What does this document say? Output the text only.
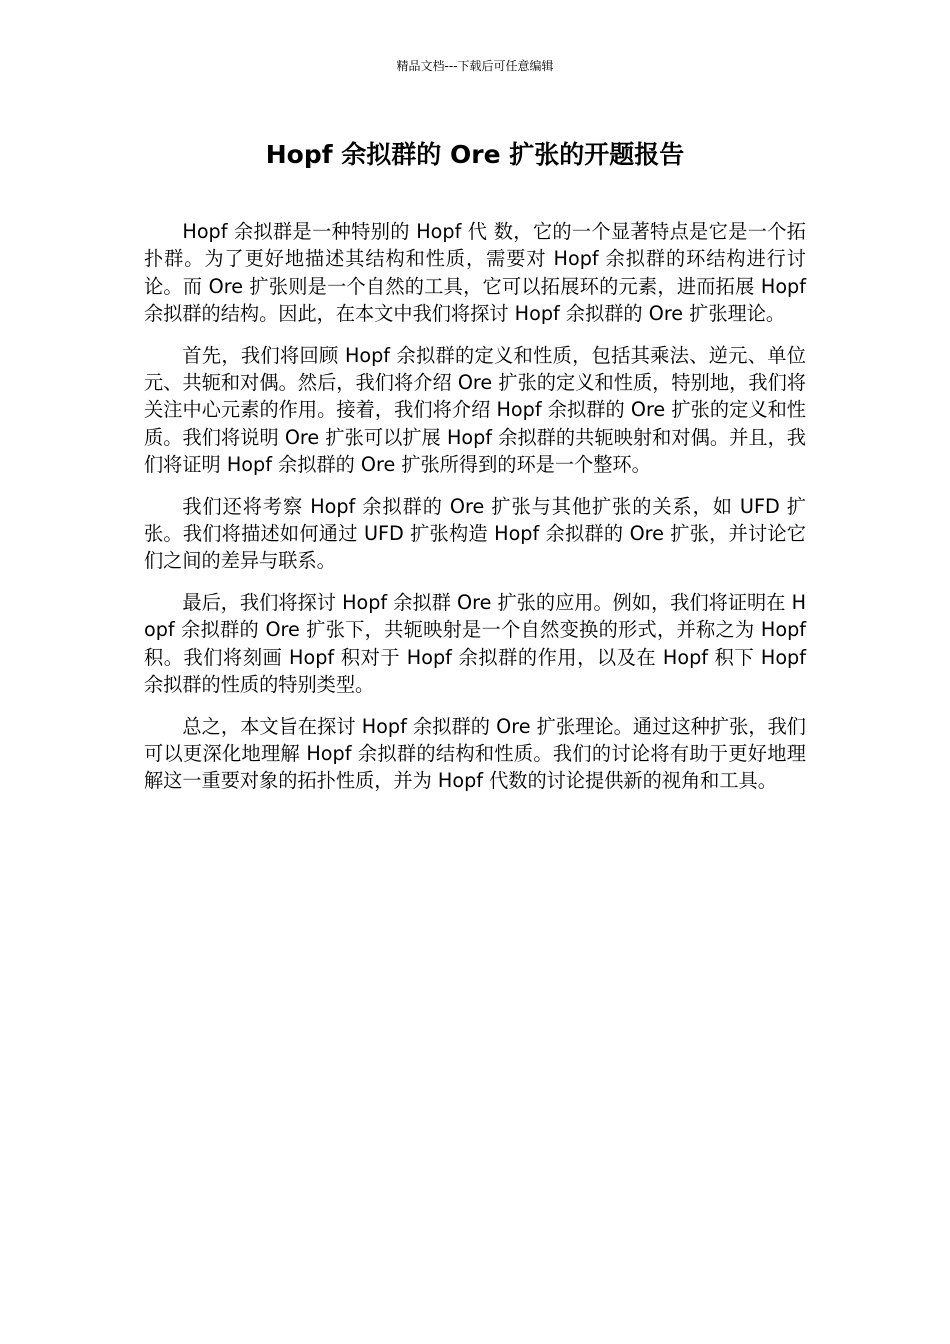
精品文档---下载后可任意编辑
Hopf 余拟群的 Ore 扩张的开题报告

Hopf 余拟群是一种特别的 Hopf 代 数，它的一个显著特点是它是一个拓扑群。为了更好地描述其结构和性质，需要对 Hopf 余拟群的环结构进行讨论。而 Ore 扩张则是一个自然的工具，它可以拓展环的元素，进而拓展 Hopf 余拟群的结构。因此，在本文中我们将探讨 Hopf 余拟群的 Ore 扩张理论。

首先，我们将回顾 Hopf 余拟群的定义和性质，包括其乘法、逆元、单位元、共轭和对偶。然后，我们将介绍 Ore 扩张的定义和性质，特别地，我们将关注中心元素的作用。接着，我们将介绍 Hopf 余拟群的 Ore 扩张的定义和性质。我们将说明 Ore 扩张可以扩展 Hopf 余拟群的共轭映射和对偶。并且，我们将证明 Hopf 余拟群的 Ore 扩张所得到的环是一个整环。

我们还将考察 Hopf 余拟群的 Ore 扩张与其他扩张的关系，如 UFD 扩张。我们将描述如何通过 UFD 扩张构造 Hopf 余拟群的 Ore 扩张，并讨论它们之间的差异与联系。

最后，我们将探讨 Hopf 余拟群 Ore 扩张的应用。例如，我们将证明在 Hopf 余拟群的 Ore 扩张下，共轭映射是一个自然变换的形式，并称之为 Hopf 积。我们将刻画 Hopf 积对于 Hopf 余拟群的作用，以及在 Hopf 积下 Hopf 余拟群的性质的特别类型。

总之，本文旨在探讨 Hopf 余拟群的 Ore 扩张理论。通过这种扩张，我们可以更深化地理解 Hopf 余拟群的结构和性质。我们的讨论将有助于更好地理解这一重要对象的拓扑性质，并为 Hopf 代数的讨论提供新的视角和工具。
